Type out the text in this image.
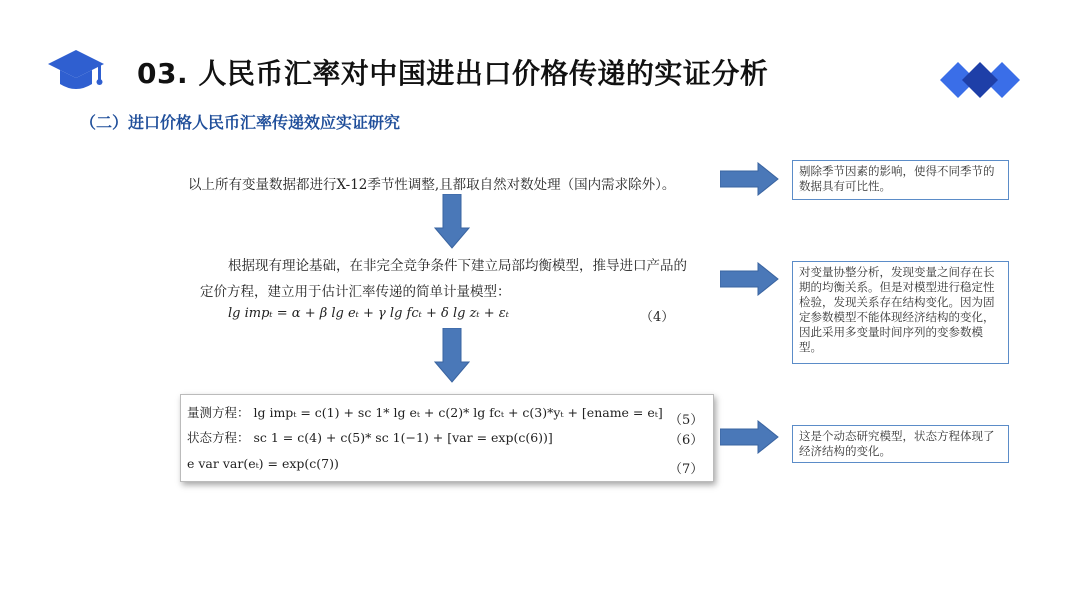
03. 人民币汇率对中国进出口价格传递的实证分析
（二）进口价格人民币汇率传递效应实证研究
以上所有变量数据都进行X-12季节性调整,且都取自然对数处理（国内需求除外）。
剔除季节因素的影响，使得不同季节的数据具有可比性。
根据现有理论基础，在非完全竞争条件下建立局部均衡模型，推导进口产品的
定价方程，建立用于估计汇率传递的简单计量模型：
lg impₜ = α + β lg eₜ + γ lg fcₜ + δ lg zₜ + εₜ	（4）
对变量协整分析，发现变量之间存在长期的均衡关系。但是对模型进行稳定性检验，发现关系存在结构变化。因为固定参数模型不能体现经济结构的变化，因此采用多变量时间序列的变参数模型。
量测方程： lg impₜ = c(1) + sc 1* lg eₜ + c(2)* lg fcₜ + c(3)*yₜ + [ename = eₜ]
（5）
状态方程： sc 1 = c(4) + c(5)* sc 1(−1) + [var = exp(c(6))]	（6）
e var var(eₜ) = exp(c(7))	（7）
这是个动态研究模型，状态方程体现了经济结构的变化。
